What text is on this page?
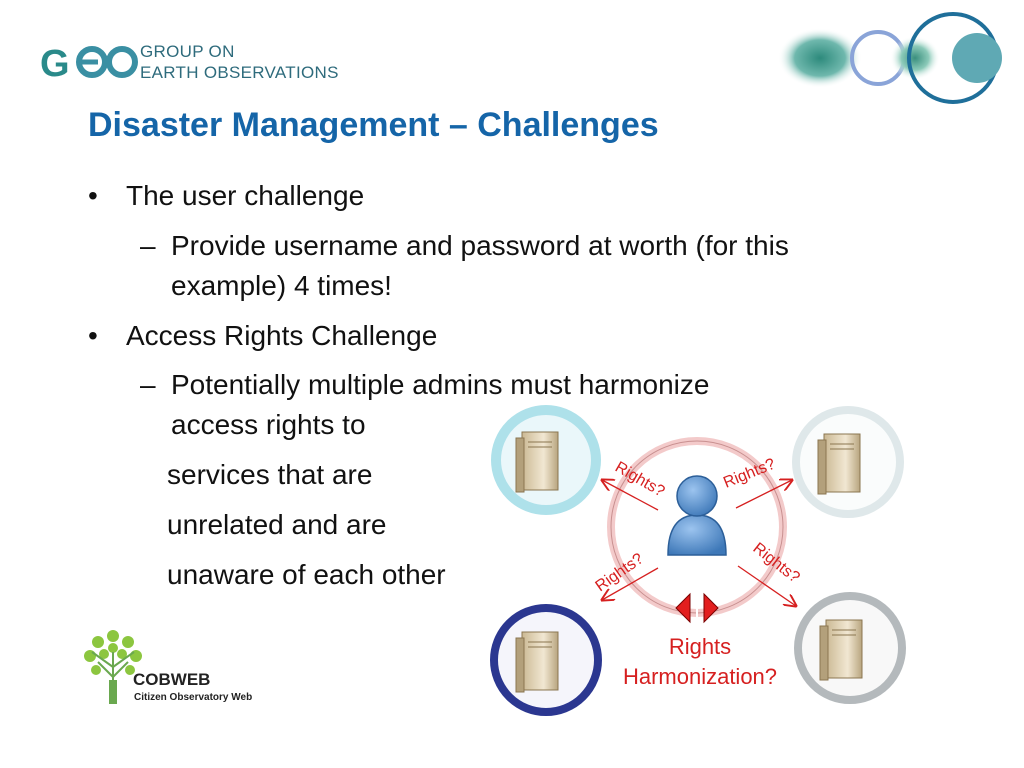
G	GROUP ON
EARTH OBSERVATIONS
Disaster Management – Challenges
• The user challenge
– Provide username and password at worth (for this
example) 4 times!
• Access Rights Challenge
– Potentially multiple admins must harmonize
access rights to
services that are
unrelated and are
unaware of each other
Rights?	Rights?
Rights?	Rights?
Rights
Harmonization?
COBWEB
Citizen Observatory Web
